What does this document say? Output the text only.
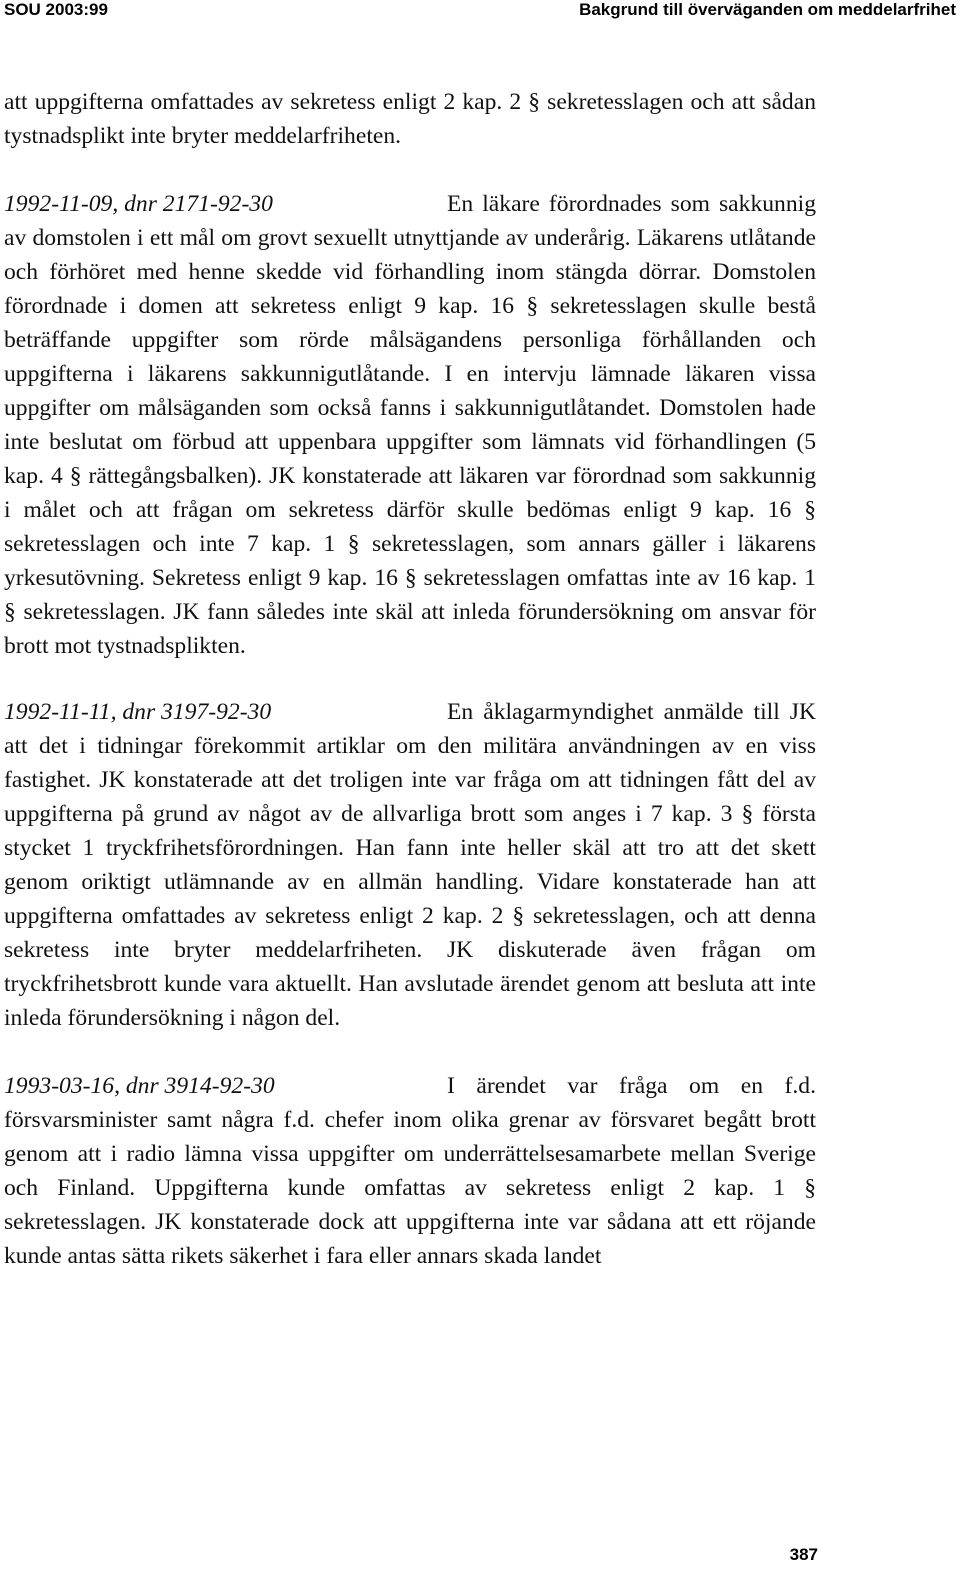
SOU 2003:99	Bakgrund till överväganden om meddelarfrihet

att uppgifterna omfattades av sekretess enligt 2 kap. 2 § sekretesslagen och att sådan tystnadsplikt inte bryter meddelarfriheten.

1992-11-09, dnr 2171-92-30	En läkare förordnades som sakkunnig av domstolen i ett mål om grovt sexuellt utnyttjande av underårig. Läkarens utlåtande och förhöret med henne skedde vid förhandling inom stängda dörrar. Domstolen förordnade i domen att sekretess enligt 9 kap. 16 § sekretesslagen skulle bestå beträffande uppgifter som rörde målsägandens personliga förhållanden och uppgifterna i läkarens sakkunnigutlåtande. I en intervju lämnade läkaren vissa uppgifter om målsäganden som också fanns i sakkunnigutlåtandet. Domstolen hade inte beslutat om förbud att uppenbara uppgifter som lämnats vid förhandlingen (5 kap. 4 § rättegångsbalken). JK konstaterade att läkaren var förordnad som sakkunnig i målet och att frågan om sekretess därför skulle bedömas enligt 9 kap. 16 § sekretesslagen och inte 7 kap. 1 § sekretesslagen, som annars gäller i läkarens yrkesutövning. Sekretess enligt 9 kap. 16 § sekretesslagen omfattas inte av 16 kap. 1 § sekretesslagen. JK fann således inte skäl att inleda förundersökning om ansvar för brott mot tystnadsplikten.

1992-11-11, dnr 3197-92-30	En åklagarmyndighet anmälde till JK att det i tidningar förekommit artiklar om den militära användningen av en viss fastighet. JK konstaterade att det troligen inte var fråga om att tidningen fått del av uppgifterna på grund av något av de allvarliga brott som anges i 7 kap. 3 § första stycket 1 tryckfrihetsförordningen. Han fann inte heller skäl att tro att det skett genom oriktigt utlämnande av en allmän handling. Vidare konstaterade han att uppgifterna omfattades av sekretess enligt 2 kap. 2 § sekretesslagen, och att denna sekretess inte bryter meddelarfriheten. JK diskuterade även frågan om tryckfrihetsbrott kunde vara aktuellt. Han avslutade ärendet genom att besluta att inte inleda förundersökning i någon del.

1993-03-16, dnr 3914-92-30	I ärendet var fråga om en f.d. försvarsminister samt några f.d. chefer inom olika grenar av försvaret begått brott genom att i radio lämna vissa uppgifter om underrättelsesamarbete mellan Sverige och Finland. Uppgifterna kunde omfattas av sekretess enligt 2 kap. 1 § sekretesslagen. JK konstaterade dock att uppgifterna inte var sådana att ett röjande kunde antas sätta rikets säkerhet i fara eller annars skada landet

387
